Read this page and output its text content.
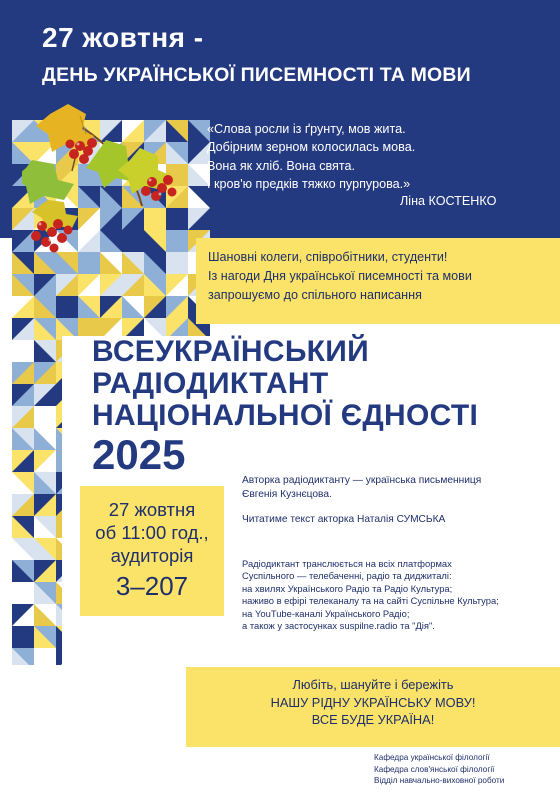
27 жовтня -
ДЕНЬ УКРАЇНСЬКОЇ ПИСЕМНОСТІ ТА МОВИ
«Слова росли із ґрунту, мов жита.
Добірним зерном колосилась мова.
Вона як хліб. Вона свята.
І кров'ю предків тяжко пурпурова.»
Ліна КОСТЕНКО
Шановні колеги, співробітники, студенти!
Із нагоди Дня української писемності та мови
запрошуємо до спільного написання
ВСЕУКРАЇНСЬКИЙ
РАДІОДИКТАНТ
НАЦІОНАЛЬНОЇ ЄДНОСТІ
2025
27 жовтня
об 11:00 год.,
аудиторія
3–207
Авторка радіодиктанту — українська письменниця
Євгенія Кузнєцова.
Читатиме текст акторка Наталія СУМСЬКА
Радіодиктант транслюється на всіх платформах
Суспільного — телебаченні, радіо та диджиталі:
на хвилях Українського Радіо та Радіо Культура;
наживо в ефірі телеканалу та на сайті Суспільне Культура;
на YouTube-каналі Українського Радіо;
а також у застосунках suspilne.radio та "Дія".
Любіть, шануйте і бережіть
НАШУ РІДНУ УКРАЇНСЬКУ МОВУ!
ВСЕ БУДЕ УКРАЇНА!
Кафедра української філології
Кафедра слов'янської філології
Відділ навчально-виховної роботи
